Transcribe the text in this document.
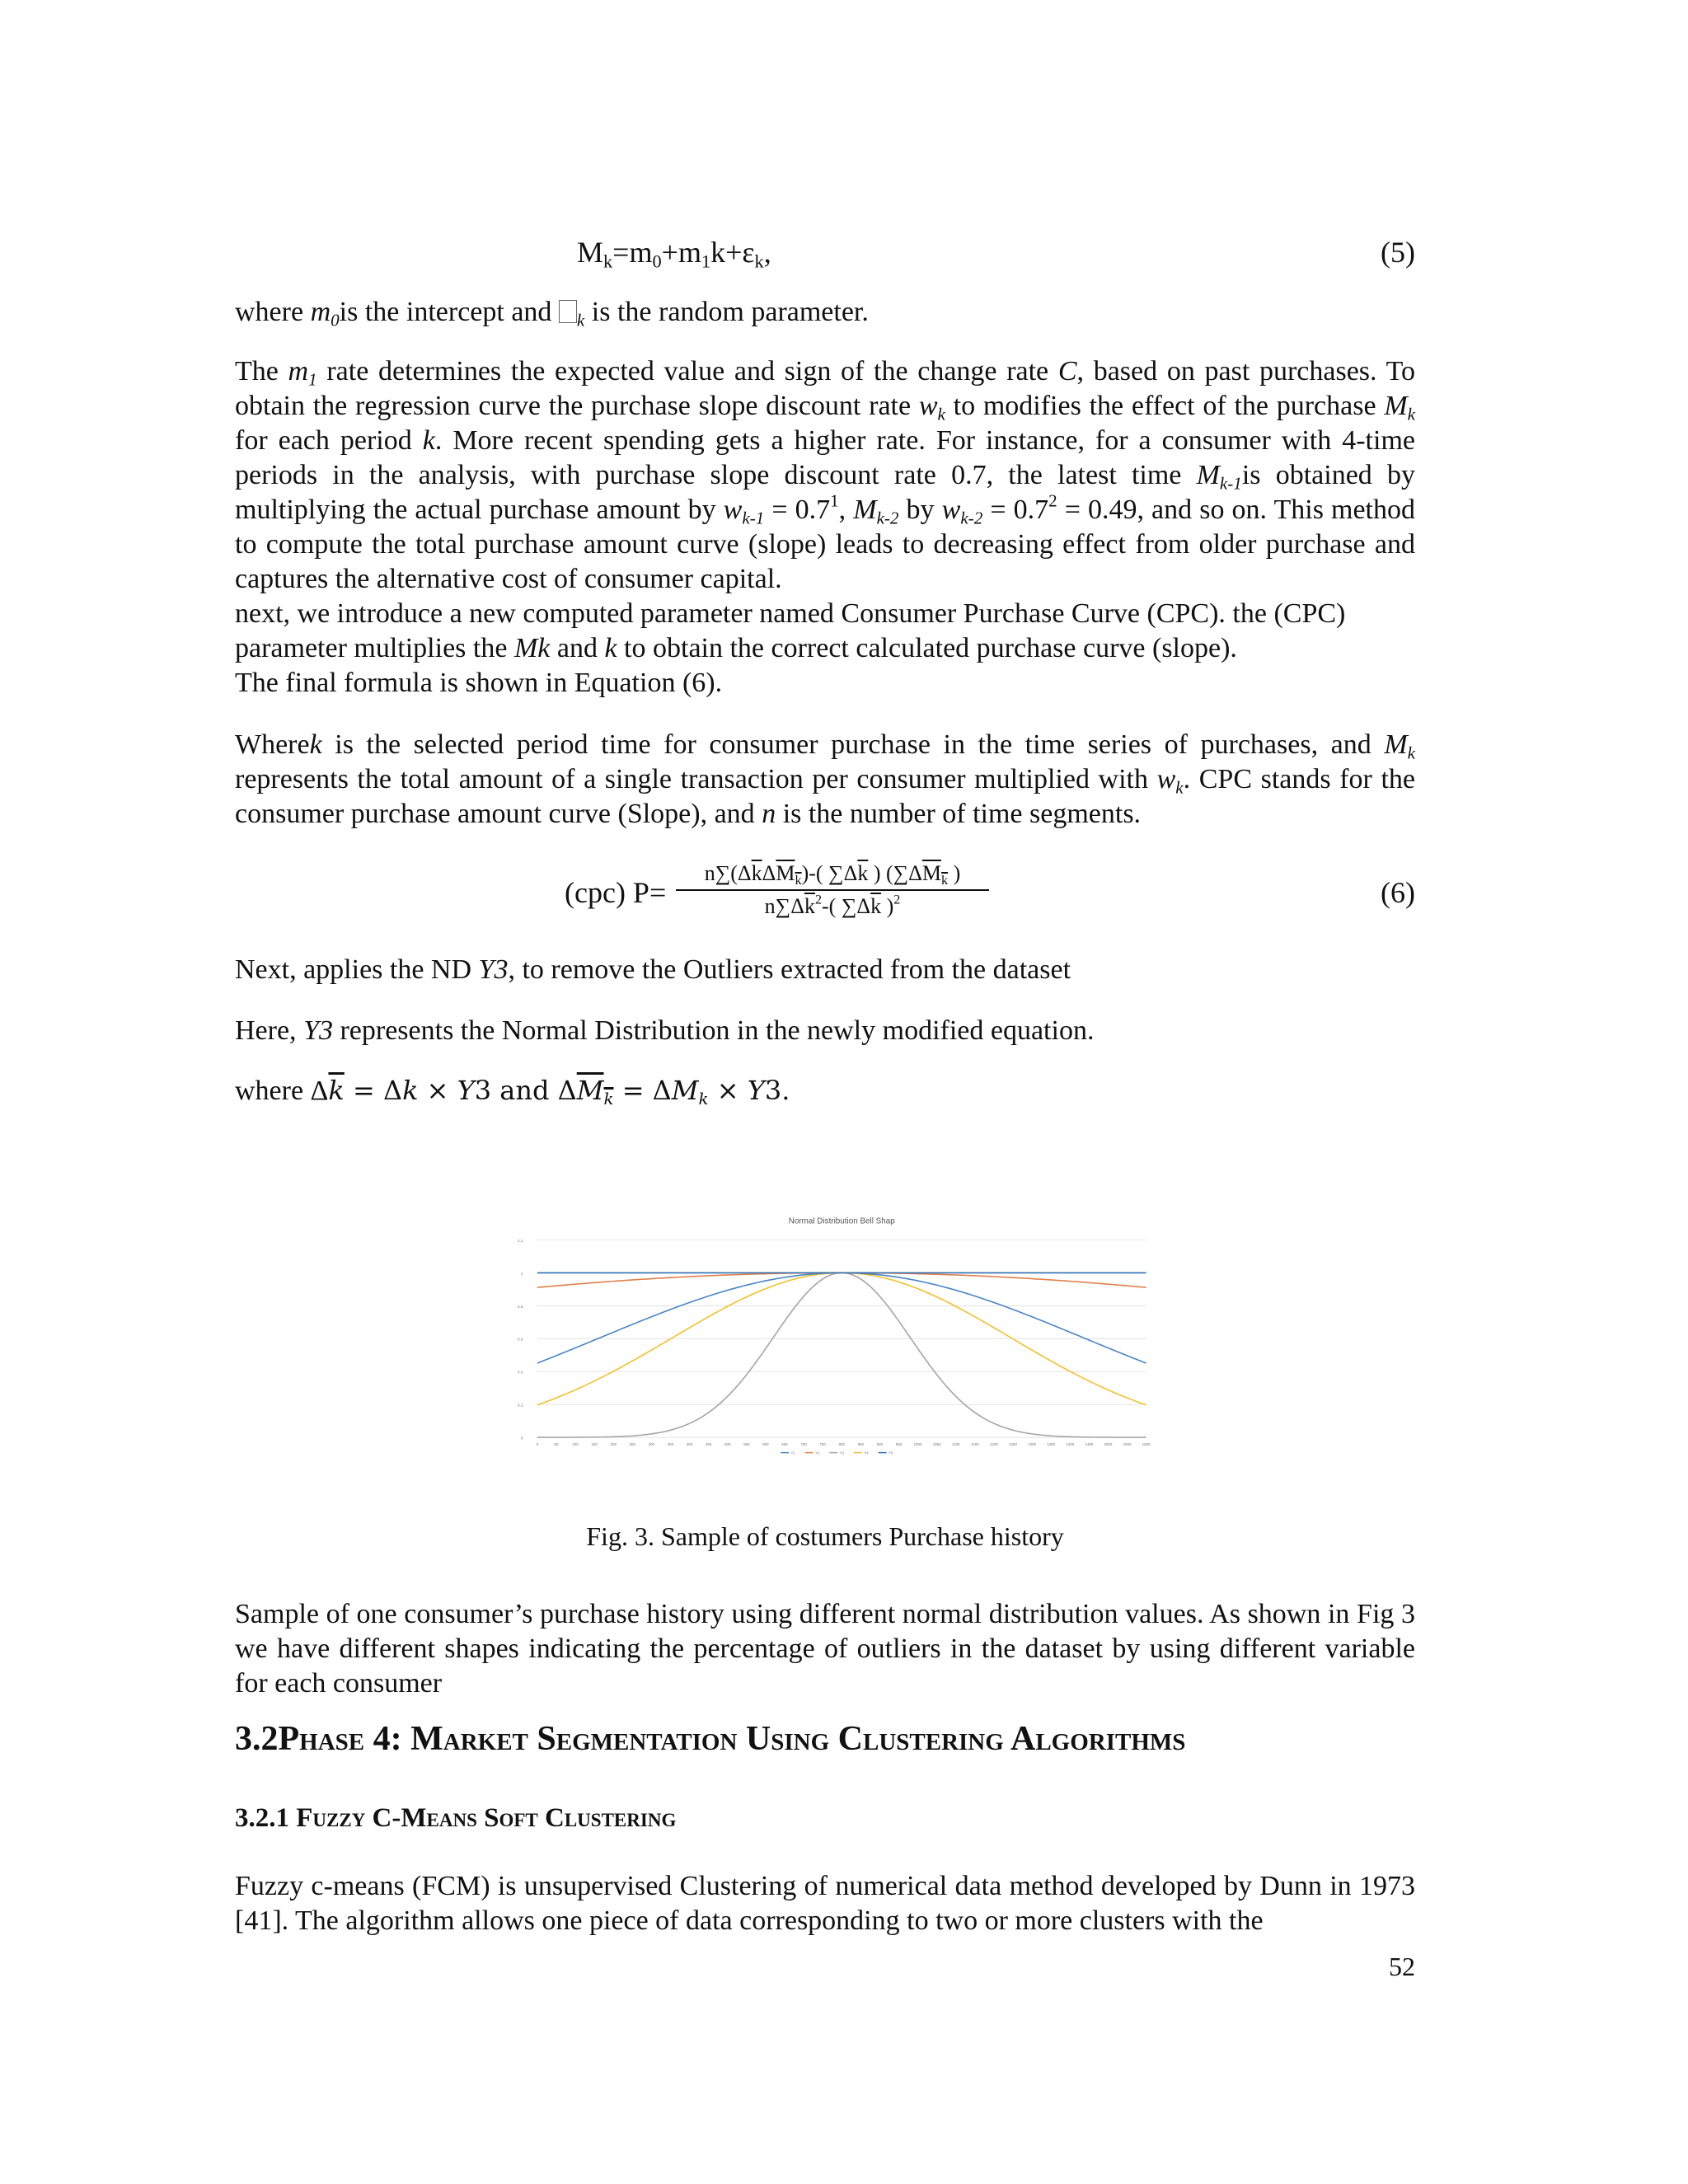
$M_k=m_0+m_1k+\varepsilon_k$,	(5)

where $m_0is$ the intercept and $_k$ is the random parameter.

The $m_1$ rate determines the expected value and sign of the change rate C, based on past purchases. To obtain the regression curve the purchase slope discount rate $w_k$ to modifies the effect of the purchase $M_k$ for each period k. More recent spending gets a higher rate. For instance, for a consumer with 4-time periods in the analysis, with purchase slope discount rate 0.7, the latest time $M_{k-1}is$ obtained by multiplying the actual purchase amount by $w_{k-1} = 0.7^1$, $M_{k-2}$ by $w_{k-2} = 0.7^2 = 0.49$, and so on. This method to compute the total purchase amount curve (slope) leads to decreasing effect from older purchase and captures the alternative cost of consumer capital.

next, we introduce a new computed parameter named Consumer Purchase Curve (CPC). the (CPC) parameter multiplies the Mk and k to obtain the correct calculated purchase curve (slope).

The final formula is shown in Equation (6).

Wherek is the selected period time for consumer purchase in the time series of purchases, and $M_k$ represents the total amount of a single transaction per consumer multiplied with $w_k$. CPC stands for the consumer purchase amount curve (Slope), and n is the number of time segments.

(cpc) P=	(6)
$n\sum(\Delta\overline{k}\Delta M_k)-$( $\sum\Delta\overline{k}$ ) ($\sum\Delta M_k$ )
$n\sum\Delta\overline{k}^2-$( $\sum\Delta\overline{k}$ )$^2$

Next, applies the ND Y3, to remove the Outliers extracted from the dataset

Here, Y3 represents the Normal Distribution in the newly modified equation.

where $\Delta\overline{k} = \Delta k \times Y3$ and $\Delta M_k = \Delta M_k \times Y3$.

Normal Distribution Bell Shap
0
0.2
0.4
0.6
0.8
1
1.2
0	50	100	150	200	250	300	350	400	450	500	550	600	650	700	750	800	850	900	950	1000	1050	1100	1150	1200	1250	1300	1350	1400	1450	1500	1550	1600
Y1	Y2	Y3	Y4	Y5
Fig. 3. Sample of costumers Purchase history

Sample of one consumer’s purchase history using different normal distribution values. As shown in Fig 3 we have different shapes indicating the percentage of outliers in the dataset by using different variable for each consumer

3.2Phase 4: Market Segmentation Using Clustering Algorithms
3.2.1 Fuzzy C-Means Soft Clustering

Fuzzy c-means (FCM) is unsupervised Clustering of numerical data method developed by Dunn in 1973 [41]. The algorithm allows one piece of data corresponding to two or more clusters with the

52
